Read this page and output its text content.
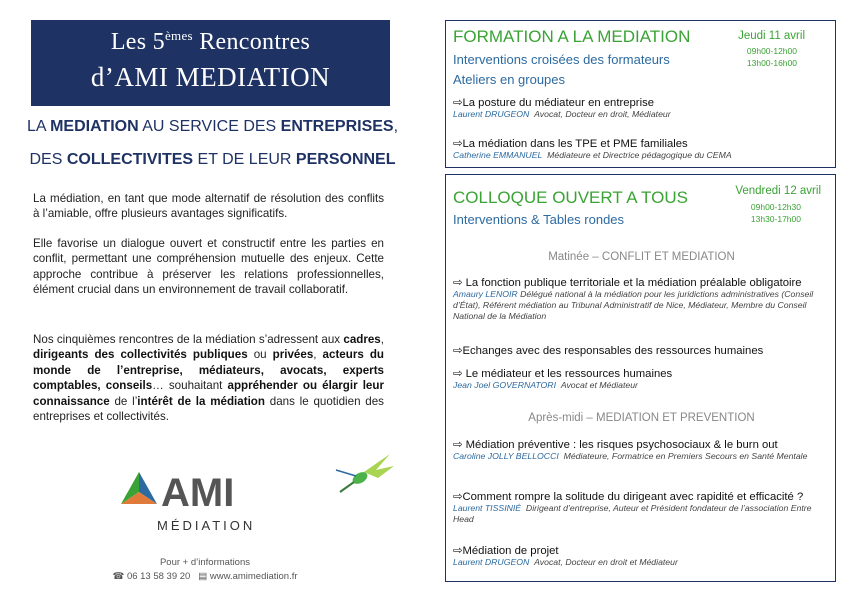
Les 5èmes Rencontres
d’AMI MEDIATION
LA MEDIATION AU SERVICE DES ENTREPRISES,
DES COLLECTIVITES ET DE LEUR PERSONNEL

La médiation, en tant que mode alternatif de résolution des conflits à l’amiable, offre plusieurs avantages significatifs.

Elle favorise un dialogue ouvert et constructif entre les parties en conflit, permettant une compréhension mutuelle des enjeux. Cette approche contribue à préserver les relations professionnelles, élément crucial dans un environnement de travail collaboratif.

Nos cinquièmes rencontres de la médiation s’adressent aux cadres, dirigeants des collectivités publiques ou privées, acteurs du monde de l’entreprise, médiateurs, avocats, experts comptables, conseils… souhaitant appréhender ou élargir leur connaissance de l’intérêt de la médiation dans le quotidien des entreprises et collectivités.

AMI
MÉDIATION
Pour + d’informations
☎ 06 13 58 39 20 ▤ www.amimediation.fr
FORMATION A LA MEDIATION
Interventions croisées des formateurs
Ateliers en groupes
Jeudi 11 avril
09h00-12h00
13h00-16h00
⇨La posture du médiateur en entreprise
Laurent DRUGEON Avocat, Docteur en droit, Médiateur
⇨La médiation dans les TPE et PME familiales
Catherine EMMANUEL Médiateure et Directrice pédagogique du CEMA
COLLOQUE OUVERT A TOUS
Interventions & Tables rondes
Vendredi 12 avril
09h00-12h30
13h30-17h00
Matinée – CONFLIT ET MEDIATION
⇨ La fonction publique territoriale et la médiation préalable obligatoire
Amaury LENOIR Délégué national à la médiation pour les juridictions administratives (Conseil d’État), Référent médiation au Tribunal Administratif de Nice, Médiateur, Membre du Conseil National de la Médiation
⇨Echanges avec des responsables des ressources humaines
⇨ Le médiateur et les ressources humaines
Jean Joel GOVERNATORI Avocat et Médiateur
Après-midi – MEDIATION ET PREVENTION
⇨ Médiation préventive : les risques psychosociaux & le burn out
Caroline JOLLY BELLOCCI Médiateure, Formatrice en Premiers Secours en Santé Mentale
⇨Comment rompre la solitude du dirigeant avec rapidité et efficacité ?
Laurent TISSINIÉ Dirigeant d’entreprise, Auteur et Président fondateur de l’association Entre Head
⇨Médiation de projet
Laurent DRUGEON Avocat, Docteur en droit et Médiateur
